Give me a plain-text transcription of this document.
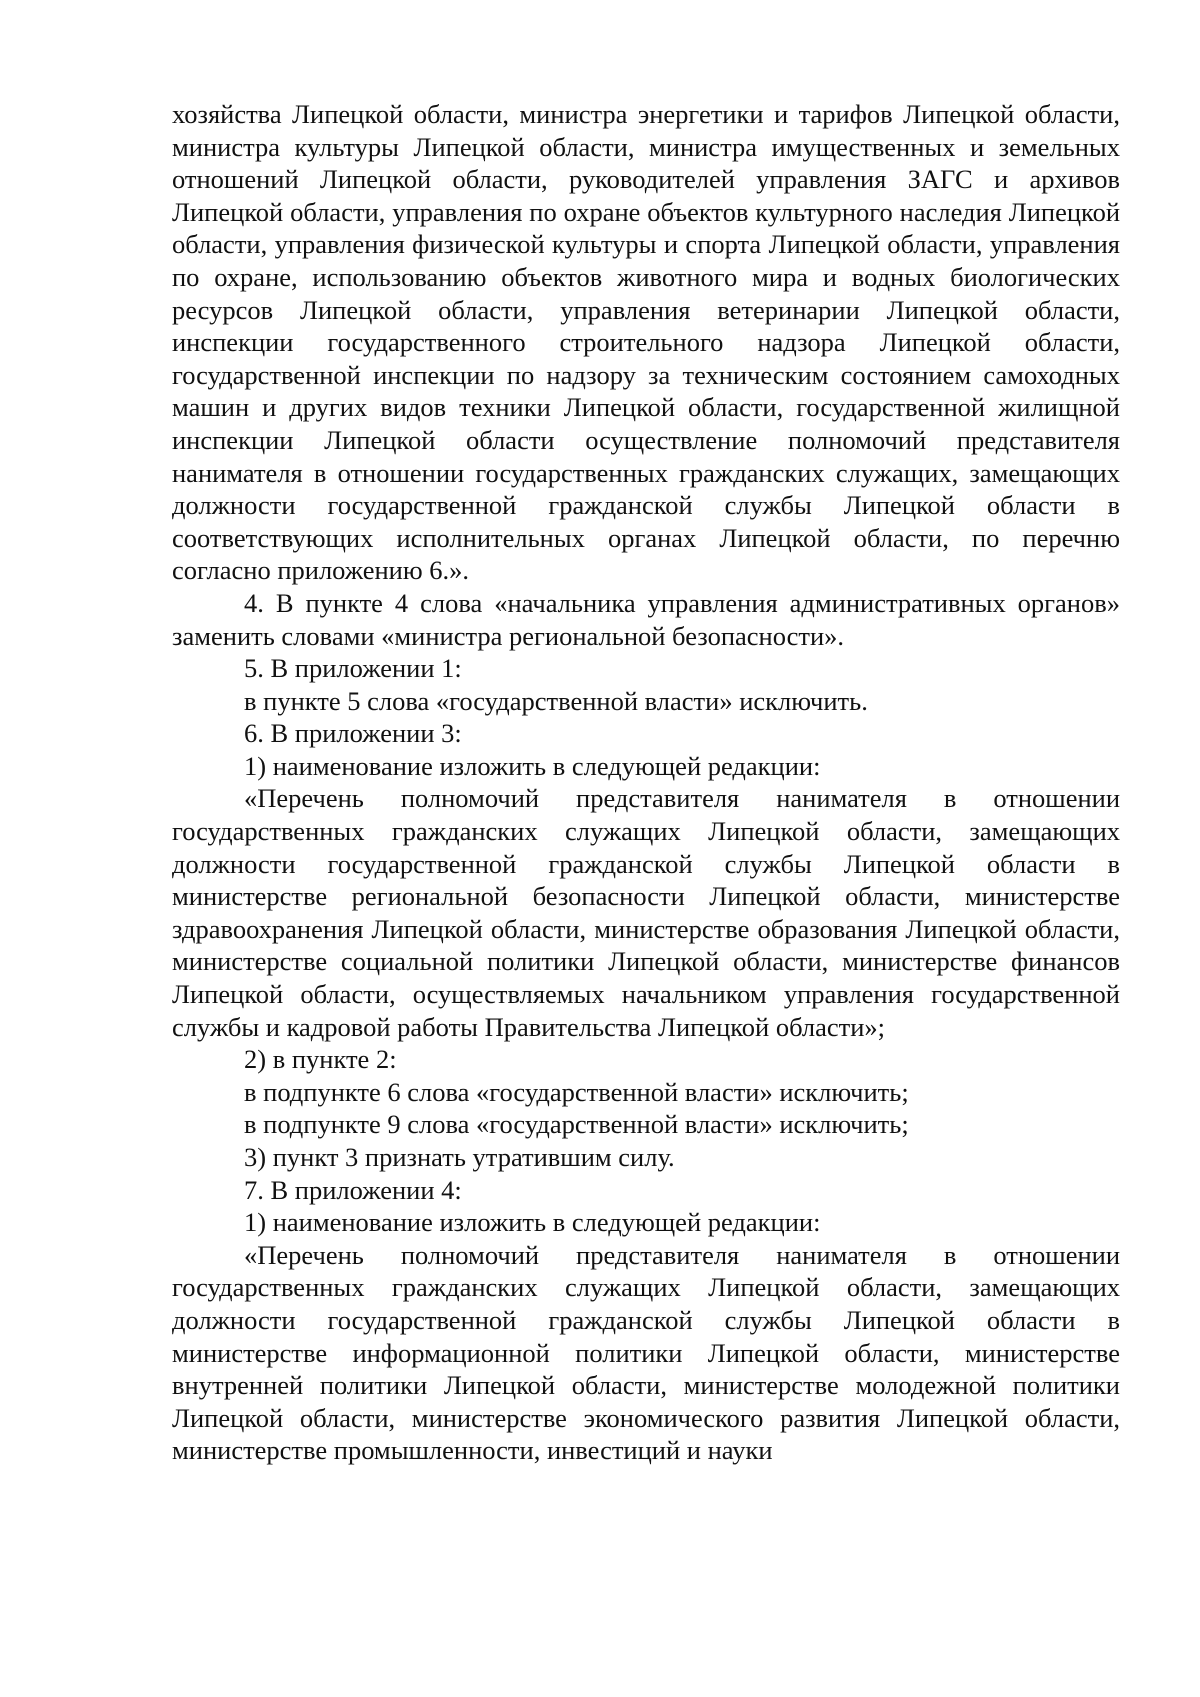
хозяйства Липецкой области, министра энергетики и тарифов Липецкой области, министра культуры Липецкой области, министра имущественных и земельных отношений Липецкой области, руководителей управления ЗАГС и архивов Липецкой области, управления по охране объектов культурного наследия Липецкой области, управления физической культуры и спорта Липецкой области, управления по охране, использованию объектов животного мира и водных биологических ресурсов Липецкой области, управления ветеринарии Липецкой области, инспекции государственного строительного надзора Липецкой области, государственной инспекции по надзору за техническим состоянием самоходных машин и других видов техники Липецкой области, государственной жилищной инспекции Липецкой области осуществление полномочий представителя нанимателя в отношении государственных гражданских служащих, замещающих должности государственной гражданской службы Липецкой области в соответствующих исполнительных органах Липецкой области, по перечню согласно приложению 6.».

4. В пункте 4 слова «начальника управления административных органов» заменить словами «министра региональной безопасности».

5. В приложении 1:

в пункте 5 слова «государственной власти» исключить.

6. В приложении 3:

1) наименование изложить в следующей редакции:

«Перечень полномочий представителя нанимателя в отношении государственных гражданских служащих Липецкой области, замещающих должности государственной гражданской службы Липецкой области в министерстве региональной безопасности Липецкой области, министерстве здравоохранения Липецкой области, министерстве образования Липецкой области, министерстве социальной политики Липецкой области, министерстве финансов Липецкой области, осуществляемых начальником управления государственной службы и кадровой работы Правительства Липецкой области»;

2) в пункте 2:

в подпункте 6 слова «государственной власти» исключить;

в подпункте 9 слова «государственной власти» исключить;

3) пункт 3 признать утратившим силу.

7. В приложении 4:

1) наименование изложить в следующей редакции:

«Перечень полномочий представителя нанимателя в отношении государственных гражданских служащих Липецкой области, замещающих должности государственной гражданской службы Липецкой области в министерстве информационной политики Липецкой области, министерстве внутренней политики Липецкой области, министерстве молодежной политики Липецкой области, министерстве экономического развития Липецкой области, министерстве промышленности, инвестиций и науки
